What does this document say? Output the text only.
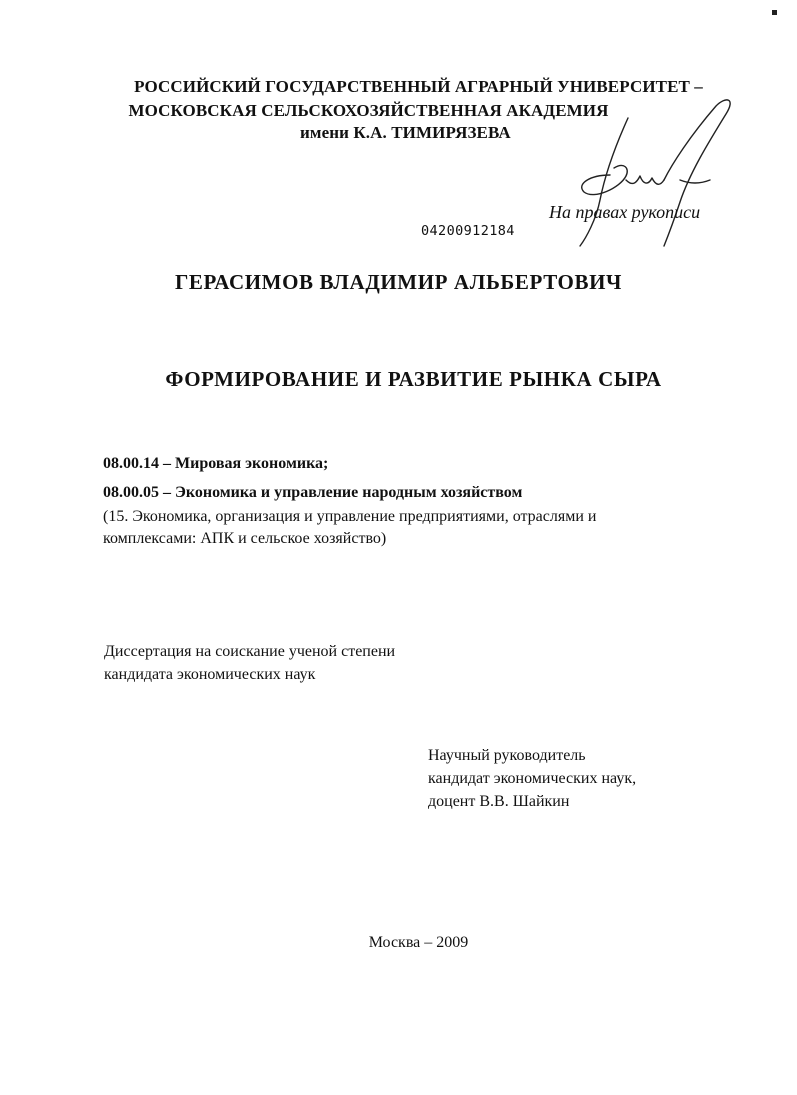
РОССИЙСКИЙ ГОСУДАРСТВЕННЫЙ АГРАРНЫЙ УНИВЕРСИТЕТ –
МОСКОВСКАЯ СЕЛЬСКОХОЗЯЙСТВЕННАЯ АКАДЕМИЯ
имени К.А. ТИМИРЯЗЕВА
На правах рукописи
04200912184
ГЕРАСИМОВ ВЛАДИМИР АЛЬБЕРТОВИЧ
ФОРМИРОВАНИЕ И РАЗВИТИЕ РЫНКА СЫРА
08.00.14 – Мировая экономика;
08.00.05 – Экономика и управление народным хозяйством
(15. Экономика, организация и управление предприятиями, отраслями и
комплексами: АПК и сельское хозяйство)
Диссертация на соискание ученой степени
кандидата экономических наук
Научный руководитель
кандидат экономических наук,
доцент В.В. Шайкин
Москва – 2009
